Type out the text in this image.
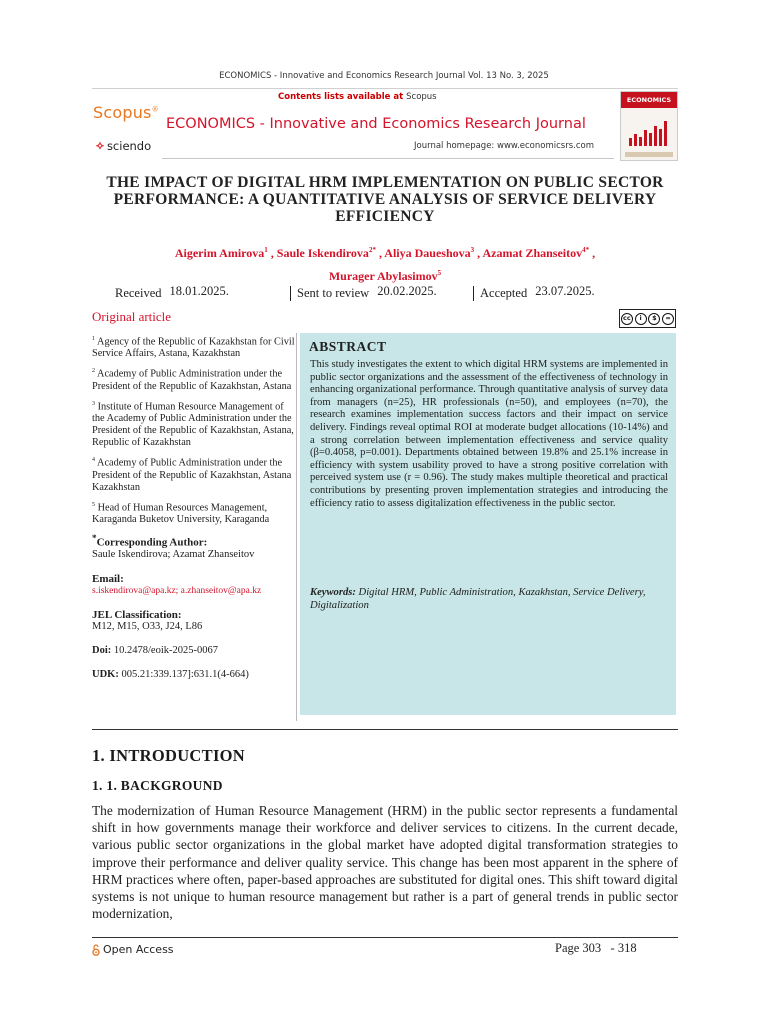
ECONOMICS - Innovative and Economics Research Journal Vol. 13 No. 3, 2025
Scopus®
⟡ sciendo
Contents lists available at Scopus
ECONOMICS - Innovative and Economics Research Journal
Journal homepage: www.economicsrs.com
ECONOMICS
THE IMPACT OF DIGITAL HRM IMPLEMENTATION ON PUBLIC SECTOR PERFORMANCE: A QUANTITATIVE ANALYSIS OF SERVICE DELIVERY EFFICIENCY
Aigerim Amirova$^1$ , Saule Iskendirova$^{2*}$ , Aliya Daueshova$^3$ , Azamat Zhanseitov$^{4*}$ ,
Murager Abylasimov$^5$
Received 18.01.2025.	Sent to review 20.02.2025.	Accepted 23.07.2025.
Original article	cc	i	$	=
$^1$ Agency of the Republic of Kazakhstan for Civil Service Affairs, Astana, Kazakhstan
$^2$ Academy of Public Administration under the President of the Republic of Kazakhstan, Astana
$^3$ Institute of Human Resource Management of the Academy of Public Administration under the President of the Republic of Kazakhstan, Astana, Republic of Kazakhstan
$^4$ Academy of Public Administration under the President of the Republic of Kazakhstan, Astana Kazakhstan
$^5$ Head of Human Resources Management, Karaganda Buketov University, Karaganda
*Corresponding Author:
Saule Iskendirova; Azamat Zhanseitov
Email:
s.iskendirova@apa.kz; a.zhanseitov@apa.kz
JEL Classification:
M12, M15, O33, J24, L86
Doi: 10.2478/eoik-2025-0067
UDK: 005.21:339.137]:631.1(4-664)
ABSTRACT
This study investigates the extent to which digital HRM systems are implemented in public sector organizations and the assessment of the effectiveness of technology in enhancing organizational performance. Through quantitative analysis of survey data from managers (n=25), HR professionals (n=50), and employees (n=70), the research examines implementation success factors and their impact on service delivery. Findings reveal optimal ROI at moderate budget allocations (10-14%) and a strong correlation between implementation effectiveness and service quality (β=0.4058, p=0.001). Departments obtained between 19.8% and 25.1% increase in efficiency with system usability proved to have a strong positive correlation with perceived system use (r = 0.96). The study makes multiple theoretical and practical contributions by presenting proven implementation strategies and introducing the efficiency ratio to assess digitalization effectiveness in the public sector.
Keywords: Digital HRM, Public Administration, Kazakhstan, Service Delivery, Digitalization
1. INTRODUCTION
1. 1. BACKGROUND
The modernization of Human Resource Management (HRM) in the public sector represents a fundamental shift in how governments manage their workforce and deliver services to citizens. In the current decade, various public sector organizations in the global market have adopted digital transformation strategies to improve their performance and deliver quality service. This change has been most apparent in the sphere of HRM practices where often, paper-based approaches are substituted for digital ones. This shift toward digital systems is not unique to human resource management but rather is a part of general trends in public sector modernization,
Open Access	Page 303   - 318
